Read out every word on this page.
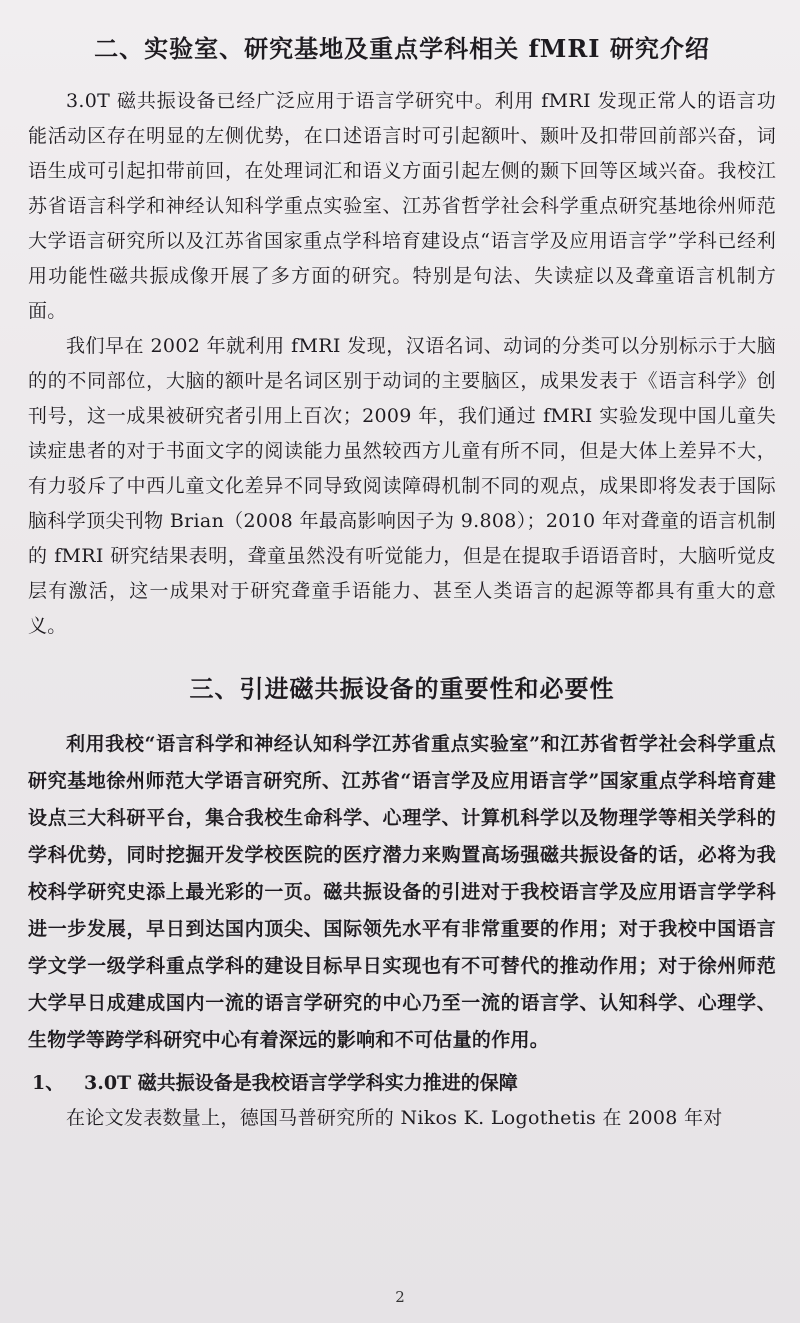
二、实验室、研究基地及重点学科相关 fMRI 研究介绍

3.0T 磁共振设备已经广泛应用于语言学研究中。利用 fMRI 发现正常人的语言功能活动区存在明显的左侧优势，在口述语言时可引起额叶、颞叶及扣带回前部兴奋，词语生成可引起扣带前回，在处理词汇和语义方面引起左侧的颞下回等区域兴奋。我校江苏省语言科学和神经认知科学重点实验室、江苏省哲学社会科学重点研究基地徐州师范大学语言研究所以及江苏省国家重点学科培育建设点“语言学及应用语言学”学科已经利用功能性磁共振成像开展了多方面的研究。特别是句法、失读症以及聋童语言机制方面。

我们早在 2002 年就利用 fMRI 发现，汉语名词、动词的分类可以分别标示于大脑的的不同部位，大脑的额叶是名词区别于动词的主要脑区，成果发表于《语言科学》创刊号，这一成果被研究者引用上百次；2009 年，我们通过 fMRI 实验发现中国儿童失读症患者的对于书面文字的阅读能力虽然较西方儿童有所不同，但是大体上差异不大，有力驳斥了中西儿童文化差异不同导致阅读障碍机制不同的观点，成果即将发表于国际脑科学顶尖刊物 Brian（2008 年最高影响因子为 9.808）；2010 年对聋童的语言机制的 fMRI 研究结果表明，聋童虽然没有听觉能力，但是在提取手语语音时，大脑听觉皮层有激活，这一成果对于研究聋童手语能力、甚至人类语言的起源等都具有重大的意义。

三、引进磁共振设备的重要性和必要性

利用我校“语言科学和神经认知科学江苏省重点实验室”和江苏省哲学社会科学重点研究基地徐州师范大学语言研究所、江苏省“语言学及应用语言学”国家重点学科培育建设点三大科研平台，集合我校生命科学、心理学、计算机科学以及物理学等相关学科的学科优势，同时挖掘开发学校医院的医疗潜力来购置高场强磁共振设备的话，必将为我校科学研究史添上最光彩的一页。磁共振设备的引进对于我校语言学及应用语言学学科进一步发展，早日到达国内顶尖、国际领先水平有非常重要的作用；对于我校中国语言学文学一级学科重点学科的建设目标早日实现也有不可替代的推动作用；对于徐州师范大学早日成建成国内一流的语言学研究的中心乃至一流的语言学、认知科学、心理学、生物学等跨学科研究中心有着深远的影响和不可估量的作用。

1、 3.0T 磁共振设备是我校语言学学科实力推进的保障

在论文发表数量上，德国马普研究所的 Nikos K. Logothetis 在 2008 年对

2
